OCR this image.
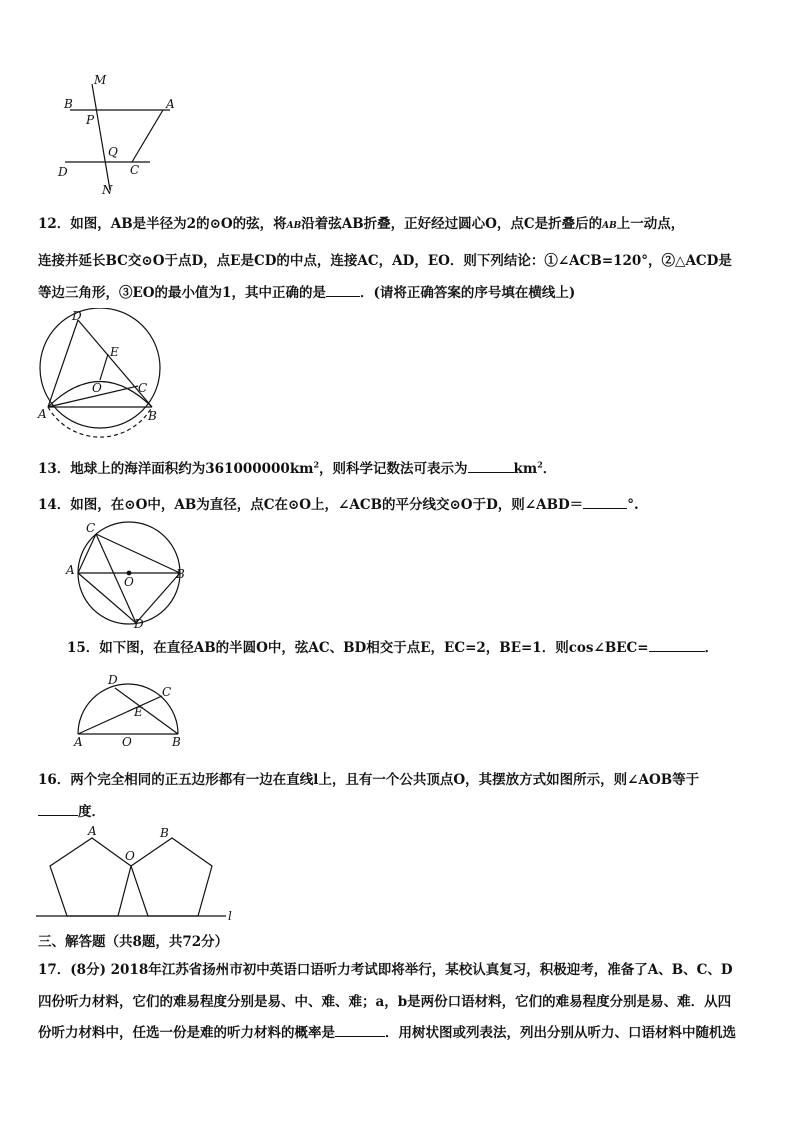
M
B	A
P
Q
D	C
N
12．如图，AB是半径为2的⊙O的弦，将AB沿着弦AB折叠，正好经过圆心O，点C是折叠后的AB上一动点，
连接并延长BC交⊙O于点D，点E是CD的中点，连接AC，AD，EO．则下列结论：①∠ACB=120°，②△ACD是
等边三角形，③EO的最小值为1，其中正确的是	．(请将正确答案的序号填在横线上)
D
E
O	C
A	B
13．地球上的海洋面积约为$361000000km^2$，则科学记数法可表示为	$km^2$．
14．如图，在⊙O中，AB为直径，点C在⊙O上，∠ACB的平分线交⊙O于D，则∠ABD＝	°.
C
A
O
B
D
15．如下图，在直径AB的半圆O中，弦AC、BD相交于点E，EC=2，BE=1．则cos∠BEC=	．
D
C
E
A	O	B
16．两个完全相同的正五边形都有一边在直线l上，且有一个公共顶点O，其摆放方式如图所示，则∠AOB等于
度．
A
O
B
l
三、解答题（共8题，共72分）
17．(8分) 2018年江苏省扬州市初中英语口语听力考试即将举行，某校认真复习，积极迎考，准备了A、B、C、D
四份听力材料，它们的难易程度分别是易、中、难、难；a，b是两份口语材料，它们的难易程度分别是易、难．从四
份听力材料中，任选一份是难的听力材料的概率是	．用树状图或列表法，列出分别从听力、口语材料中随机选
